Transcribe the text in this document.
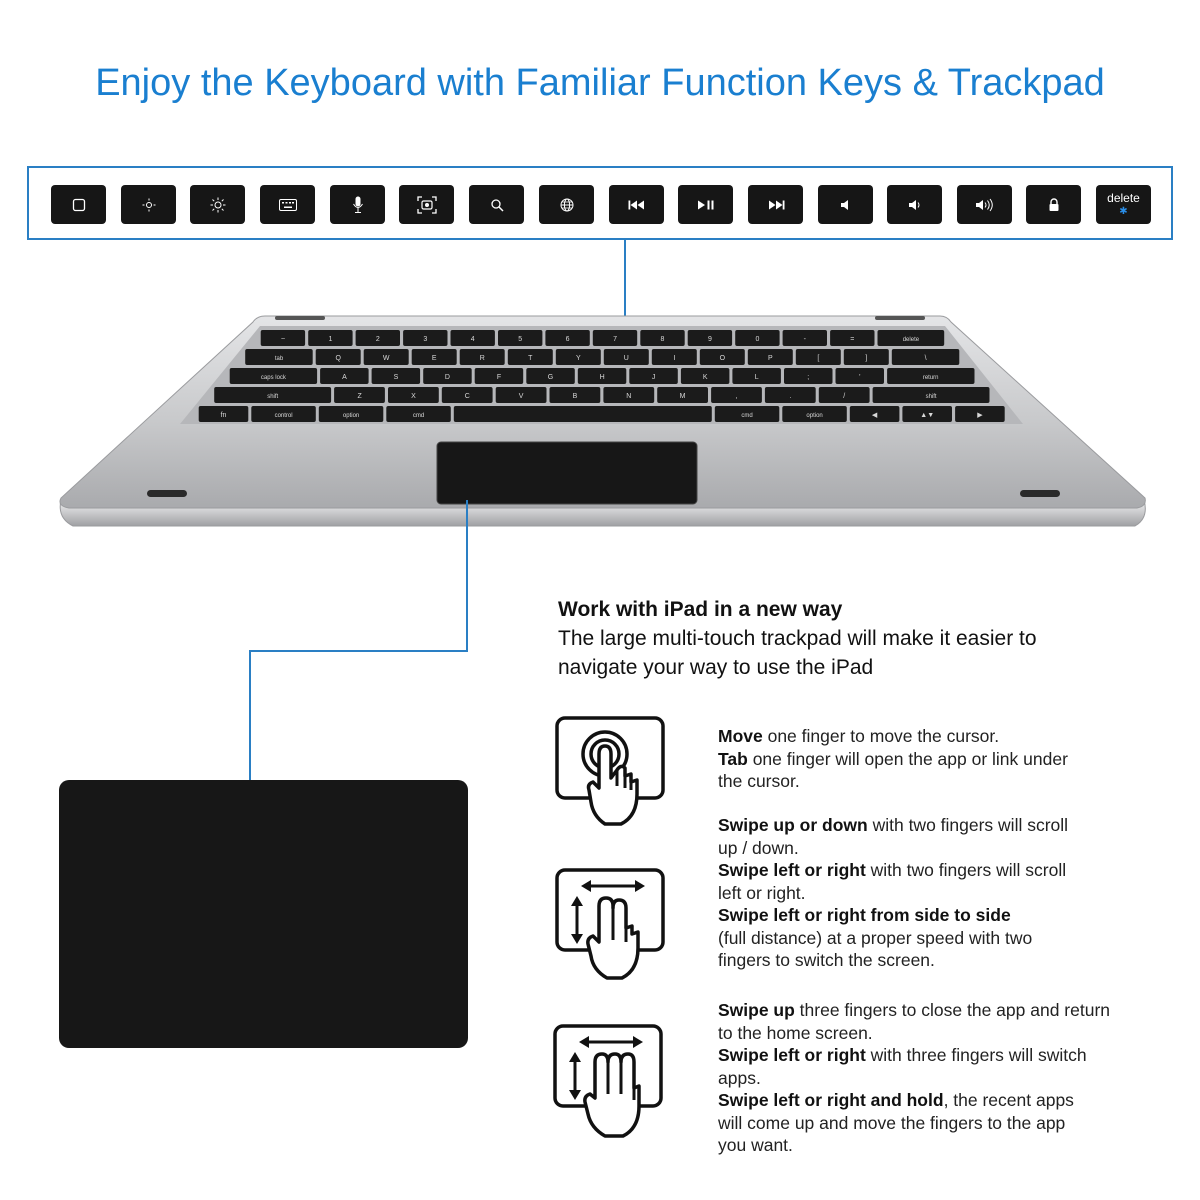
Enjoy the Keyboard with Familiar Function Keys & Trackpad
delete
✱
~	1	2	3	4	5	6	7	8	9	0	-	=	delete
tab	Q	W	E	R	T	Y	U	I	O	P	[	]	\
caps lock	A	S	D	F	G	H	J	K	L	;	'	return
shift	Z	X	C	V	B	N	M	,	.	/	shift
fn	control	option	cmd	cmd	option	◀	▲▼	▶
Work with iPad in a new way
The large multi-touch trackpad will make it easier to
navigate your way to use the iPad

Move one finger to move the cursor.

Tab one finger will open the app or link under

the cursor.

Swipe up or down with two fingers will scroll

up / down.

Swipe left or right with two fingers will scroll

left or right.

Swipe left or right from side to side

(full distance) at a proper speed with two

fingers to switch the screen.

Swipe up three fingers to close the app and return

to the home screen.

Swipe left or right with three fingers will switch

apps.

Swipe left or right and hold, the recent apps

will come up and move the fingers to the app

you want.
